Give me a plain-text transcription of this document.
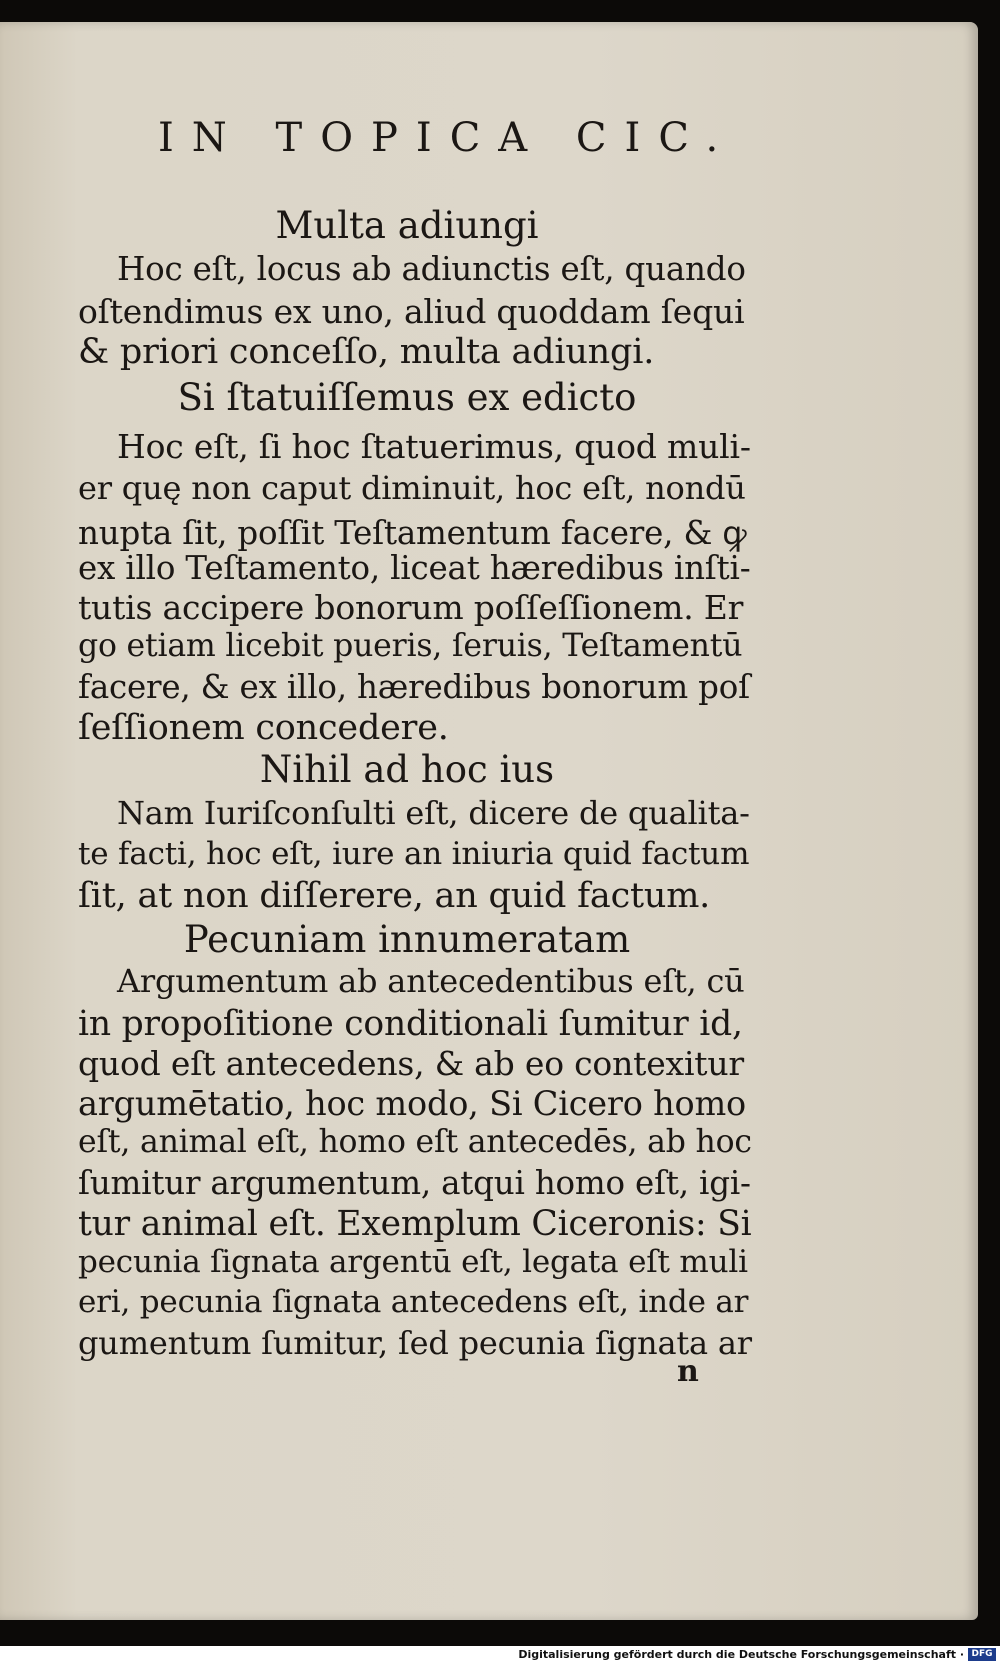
IN TOPICA CIC.
Multa adiungi
Hoc eſt, locus ab adiunctis eſt, quando
oſtendimus ex uno, aliud quoddam ſequi
& priori conceſſo, multa adiungi.
Si ſtatuiſſemus ex edicto
Hoc eſt, ſi hoc ſtatuerimus, quod muli-
er quę non caput diminuit, hoc eſt, nondū
nupta ſit, poſſit Teſtamentum facere, & ꝙ
ex illo Teſtamento, liceat hæredibus inſti-
tutis accipere bonorum poſſeſſionem. Er
go etiam licebit pueris, ſeruis, Teſtamentū
facere, & ex illo, hæredibus bonorum poſ
ſeſſionem concedere.
Nihil ad hoc ius
Nam Iuriſconſulti eſt, dicere de qualita-
te facti, hoc eſt, iure an iniuria quid factum
ſit, at non diſſerere, an quid factum.
Pecuniam innumeratam
Argumentum ab antecedentibus eſt, cū
in propoſitione conditionali ſumitur id,
quod eſt antecedens, & ab eo contexitur
argumētatio, hoc modo, Si Cicero homo
eſt, animal eſt, homo eſt antecedēs, ab hoc
ſumitur argumentum, atqui homo eſt, igi-
tur animal eſt. Exemplum Ciceronis: Si
pecunia ſignata argentū eſt, legata eſt muli
eri, pecunia ſignata antecedens eſt, inde ar
gumentum ſumitur, ſed pecunia ſignata ar
n
Digitalisierung gefördert durch die Deutsche Forschungsgemeinschaft · DFG
